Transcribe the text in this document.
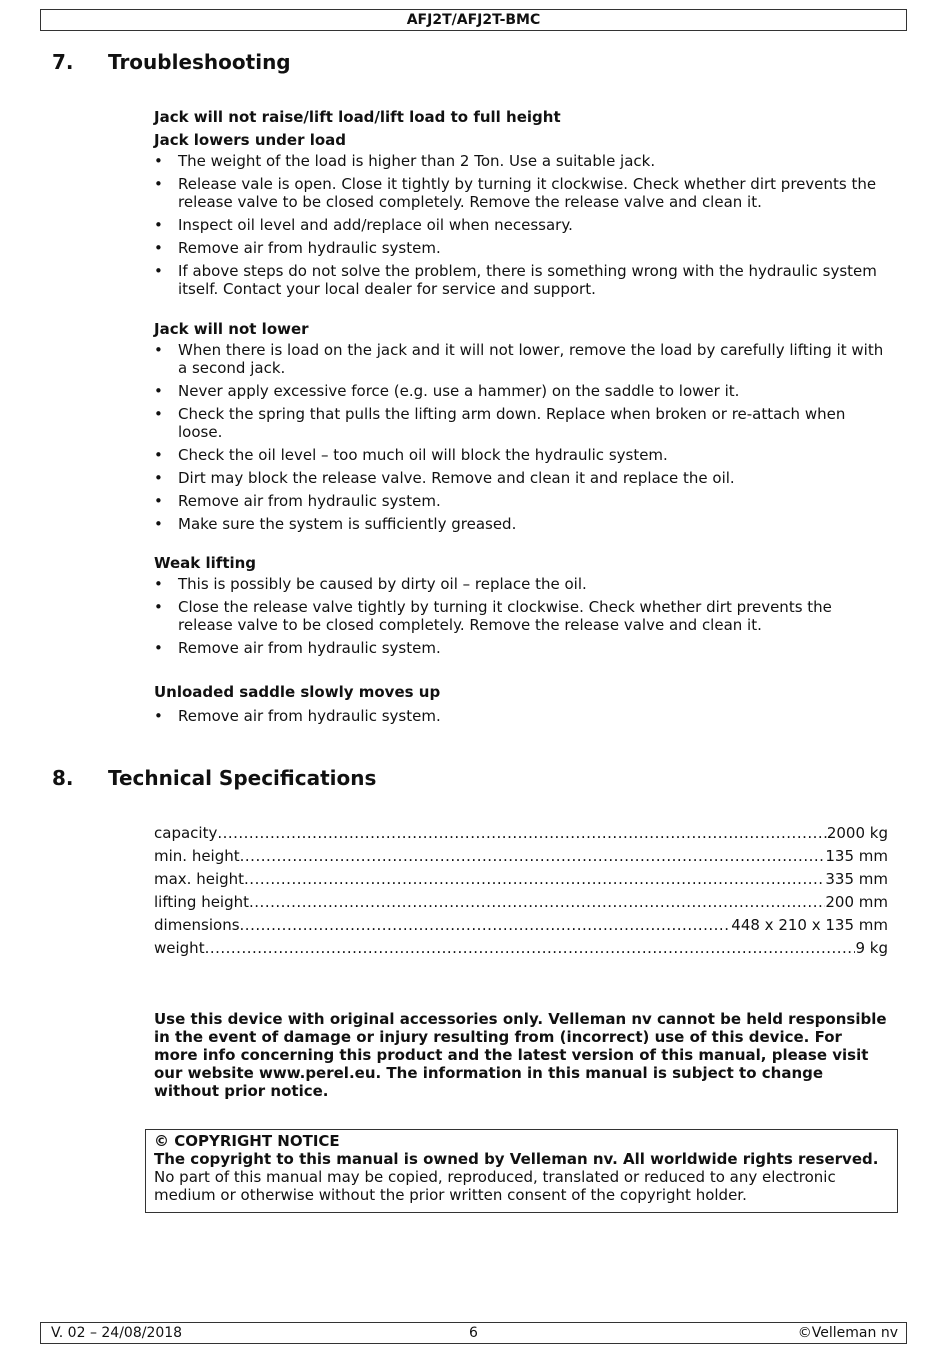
AFJ2T/AFJ2T-BMC
7. Troubleshooting

Jack will not raise/lift load/lift load to full height

Jack lowers under load

• The weight of the load is higher than 2 Ton. Use a suitable jack.
• Release vale is open. Close it tightly by turning it clockwise. Check whether dirt prevents the release valve to be closed completely. Remove the release valve and clean it.
• Inspect oil level and add/replace oil when necessary.
• Remove air from hydraulic system.
• If above steps do not solve the problem, there is something wrong with the hydraulic system itself. Contact your local dealer for service and support.

Jack will not lower

• When there is load on the jack and it will not lower, remove the load by carefully lifting it with a second jack.
• Never apply excessive force (e.g. use a hammer) on the saddle to lower it.
• Check the spring that pulls the lifting arm down. Replace when broken or re-attach when loose.
• Check the oil level – too much oil will block the hydraulic system.
• Dirt may block the release valve. Remove and clean it and replace the oil.
• Remove air from hydraulic system.
• Make sure the system is sufficiently greased.

Weak lifting

• This is possibly be caused by dirty oil – replace the oil.
• Close the release valve tightly by turning it clockwise. Check whether dirt prevents the release valve to be closed completely. Remove the release valve and clean it.
• Remove air from hydraulic system.

Unloaded saddle slowly moves up

• Remove air from hydraulic system.
8. Technical Specifications
capacity .....	2000 kg
min. height .....	135 mm
max. height .....	335 mm
lifting height .....	200 mm
dimensions .....	448 x 210 x 135 mm
weight .....	9 kg
Use this device with original accessories only. Velleman nv cannot be held responsible in the event of damage or injury resulting from (incorrect) use of this device. For more info concerning this product and the latest version of this manual, please visit our website www.perel.eu. The information in this manual is subject to change without prior notice.
© COPYRIGHT NOTICE
The copyright to this manual is owned by Velleman nv. All worldwide rights reserved.
No part of this manual may be copied, reproduced, translated or reduced to any electronic medium or otherwise without the prior written consent of the copyright holder.
6
V. 02 – 24/08/2018	©Velleman nv
